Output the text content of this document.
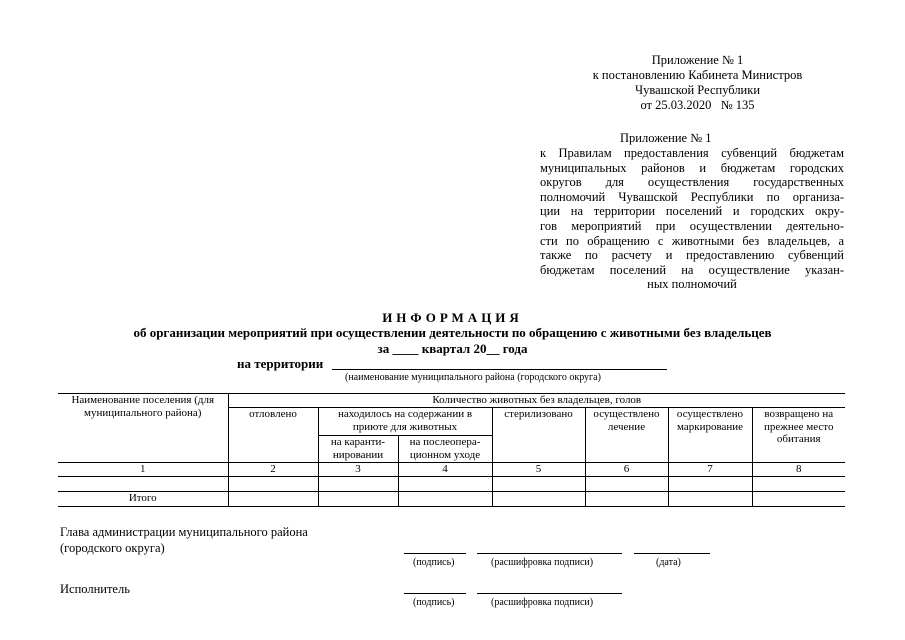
Приложение № 1
к постановлению Кабинета Министров
Чувашской Республики
от 25.03.2020   № 135
Приложение № 1
к Правилам предоставления субвенций бюджетам
муниципальных районов и бюджетам городских
округов для осуществления государственных
полномочий Чувашской Республики по организа-
ции на территории поселений и городских окру-
гов мероприятий при осуществлении деятельно-
сти по обращению с животными без владельцев, а
также по расчету и предоставлению субвенций
бюджетам поселений на осуществление указан-
ных полномочий
ИНФОРМАЦИЯ
об организации мероприятий при осуществлении деятельности по обращению с животными без владельцев
за ____ квартал 20__ года
на территории
(наименование муниципального района (городского округа)
Наименование поселения (для муниципального района)	Количество животных без владельцев, голов						
	отловлено	находилось на содержании в приюте для животных		стерилизовано	осуществлено лечение	осуществлено маркирование	возвращено на прежнее место обитания
		на каранти-нировании	на послеопера-ционном уходе				
1	2	3	4	5	6	7	8

Итого							
Глава администрации муниципального района
(городского округа)
(подпись)	(расшифровка подписи)	(дата)
Исполнитель
(подпись)	(расшифровка подписи)
